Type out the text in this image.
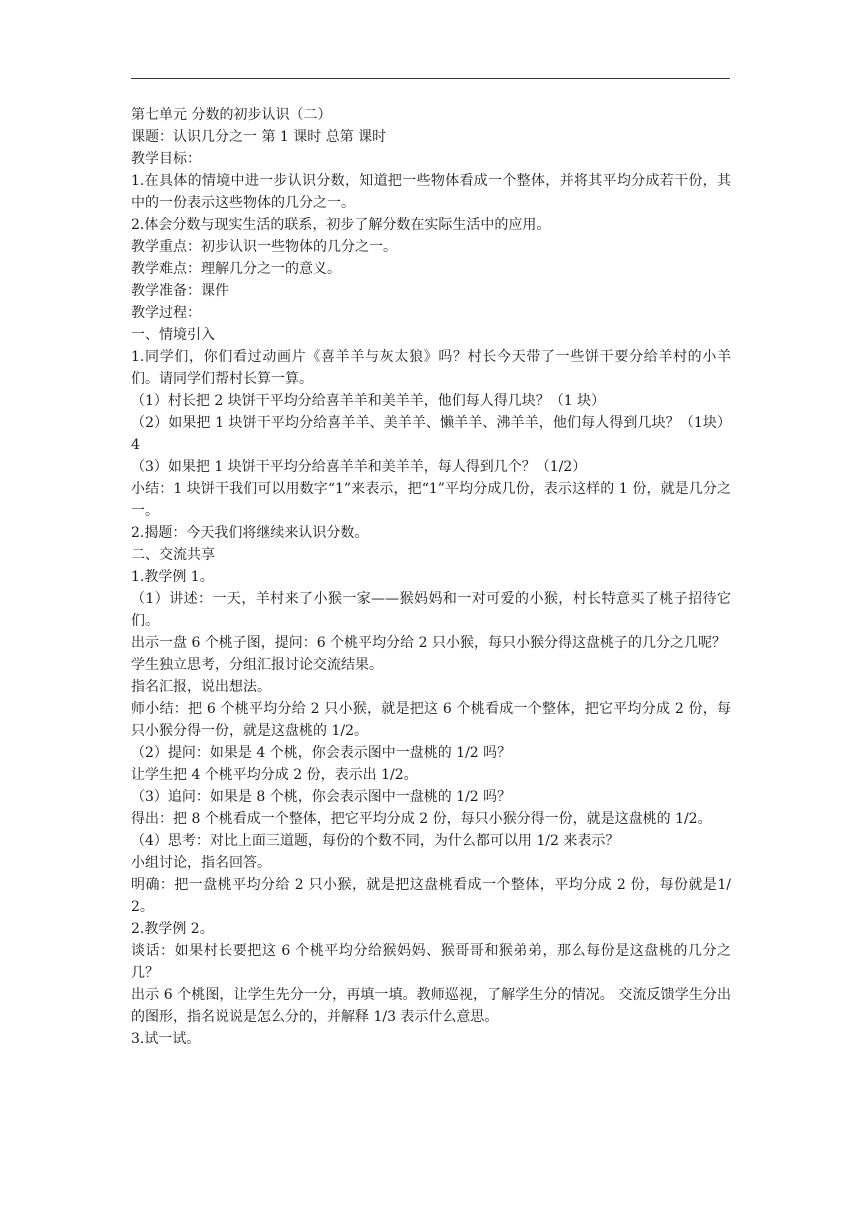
第七单元 分数的初步认识（二）

课题：认识几分之一 第 1 课时 总第 课时

教学目标：

1.在具体的情境中进一步认识分数，知道把一些物体看成一个整体，并将其平均分成若干份，其中的一份表示这些物体的几分之一。

2.体会分数与现实生活的联系，初步了解分数在实际生活中的应用。

教学重点：初步认识一些物体的几分之一。

教学难点：理解几分之一的意义。

教学准备：课件

教学过程：

一、情境引入

1.同学们，你们看过动画片《喜羊羊与灰太狼》吗？村长今天带了一些饼干要分给羊村的小羊们。请同学们帮村长算一算。

（1）村长把 2 块饼干平均分给喜羊羊和美羊羊，他们每人得几块？（1 块）

（2）如果把 1 块饼干平均分给喜羊羊、美羊羊、懒羊羊、沸羊羊，他们每人得到几块？（1块） 4

（3）如果把 1 块饼干平均分给喜羊羊和美羊羊，每人得到几个？（1/2）

小结：1 块饼干我们可以用数字“1”来表示，把“1”平均分成几份，表示这样的 1 份，就是几分之一。

2.揭题：今天我们将继续来认识分数。

二、交流共享

1.教学例 1。

（1）讲述：一天，羊村来了小猴一家——猴妈妈和一对可爱的小猴，村长特意买了桃子招待它们。

出示一盘 6 个桃子图，提问：6 个桃平均分给 2 只小猴，每只小猴分得这盘桃子的几分之几呢？

学生独立思考，分组汇报讨论交流结果。

指名汇报，说出想法。

师小结：把 6 个桃平均分给 2 只小猴，就是把这 6 个桃看成一个整体，把它平均分成 2 份，每只小猴分得一份，就是这盘桃的 1/2。

（2）提问：如果是 4 个桃，你会表示图中一盘桃的 1/2 吗？

让学生把 4 个桃平均分成 2 份，表示出 1/2。

（3）追问：如果是 8 个桃，你会表示图中一盘桃的 1/2 吗？

得出：把 8 个桃看成一个整体，把它平均分成 2 份，每只小猴分得一份，就是这盘桃的 1/2。

（4）思考：对比上面三道题，每份的个数不同，为什么都可以用 1/2 来表示？

小组讨论，指名回答。

明确：把一盘桃平均分给 2 只小猴，就是把这盘桃看成一个整体，平均分成 2 份，每份就是1/2。

2.教学例 2。

谈话：如果村长要把这 6 个桃平均分给猴妈妈、猴哥哥和猴弟弟，那么每份是这盘桃的几分之几？

出示 6 个桃图，让学生先分一分，再填一填。教师巡视，了解学生分的情况。 交流反馈学生分出的图形，指名说说是怎么分的，并解释 1/3 表示什么意思。

3.试一试。
